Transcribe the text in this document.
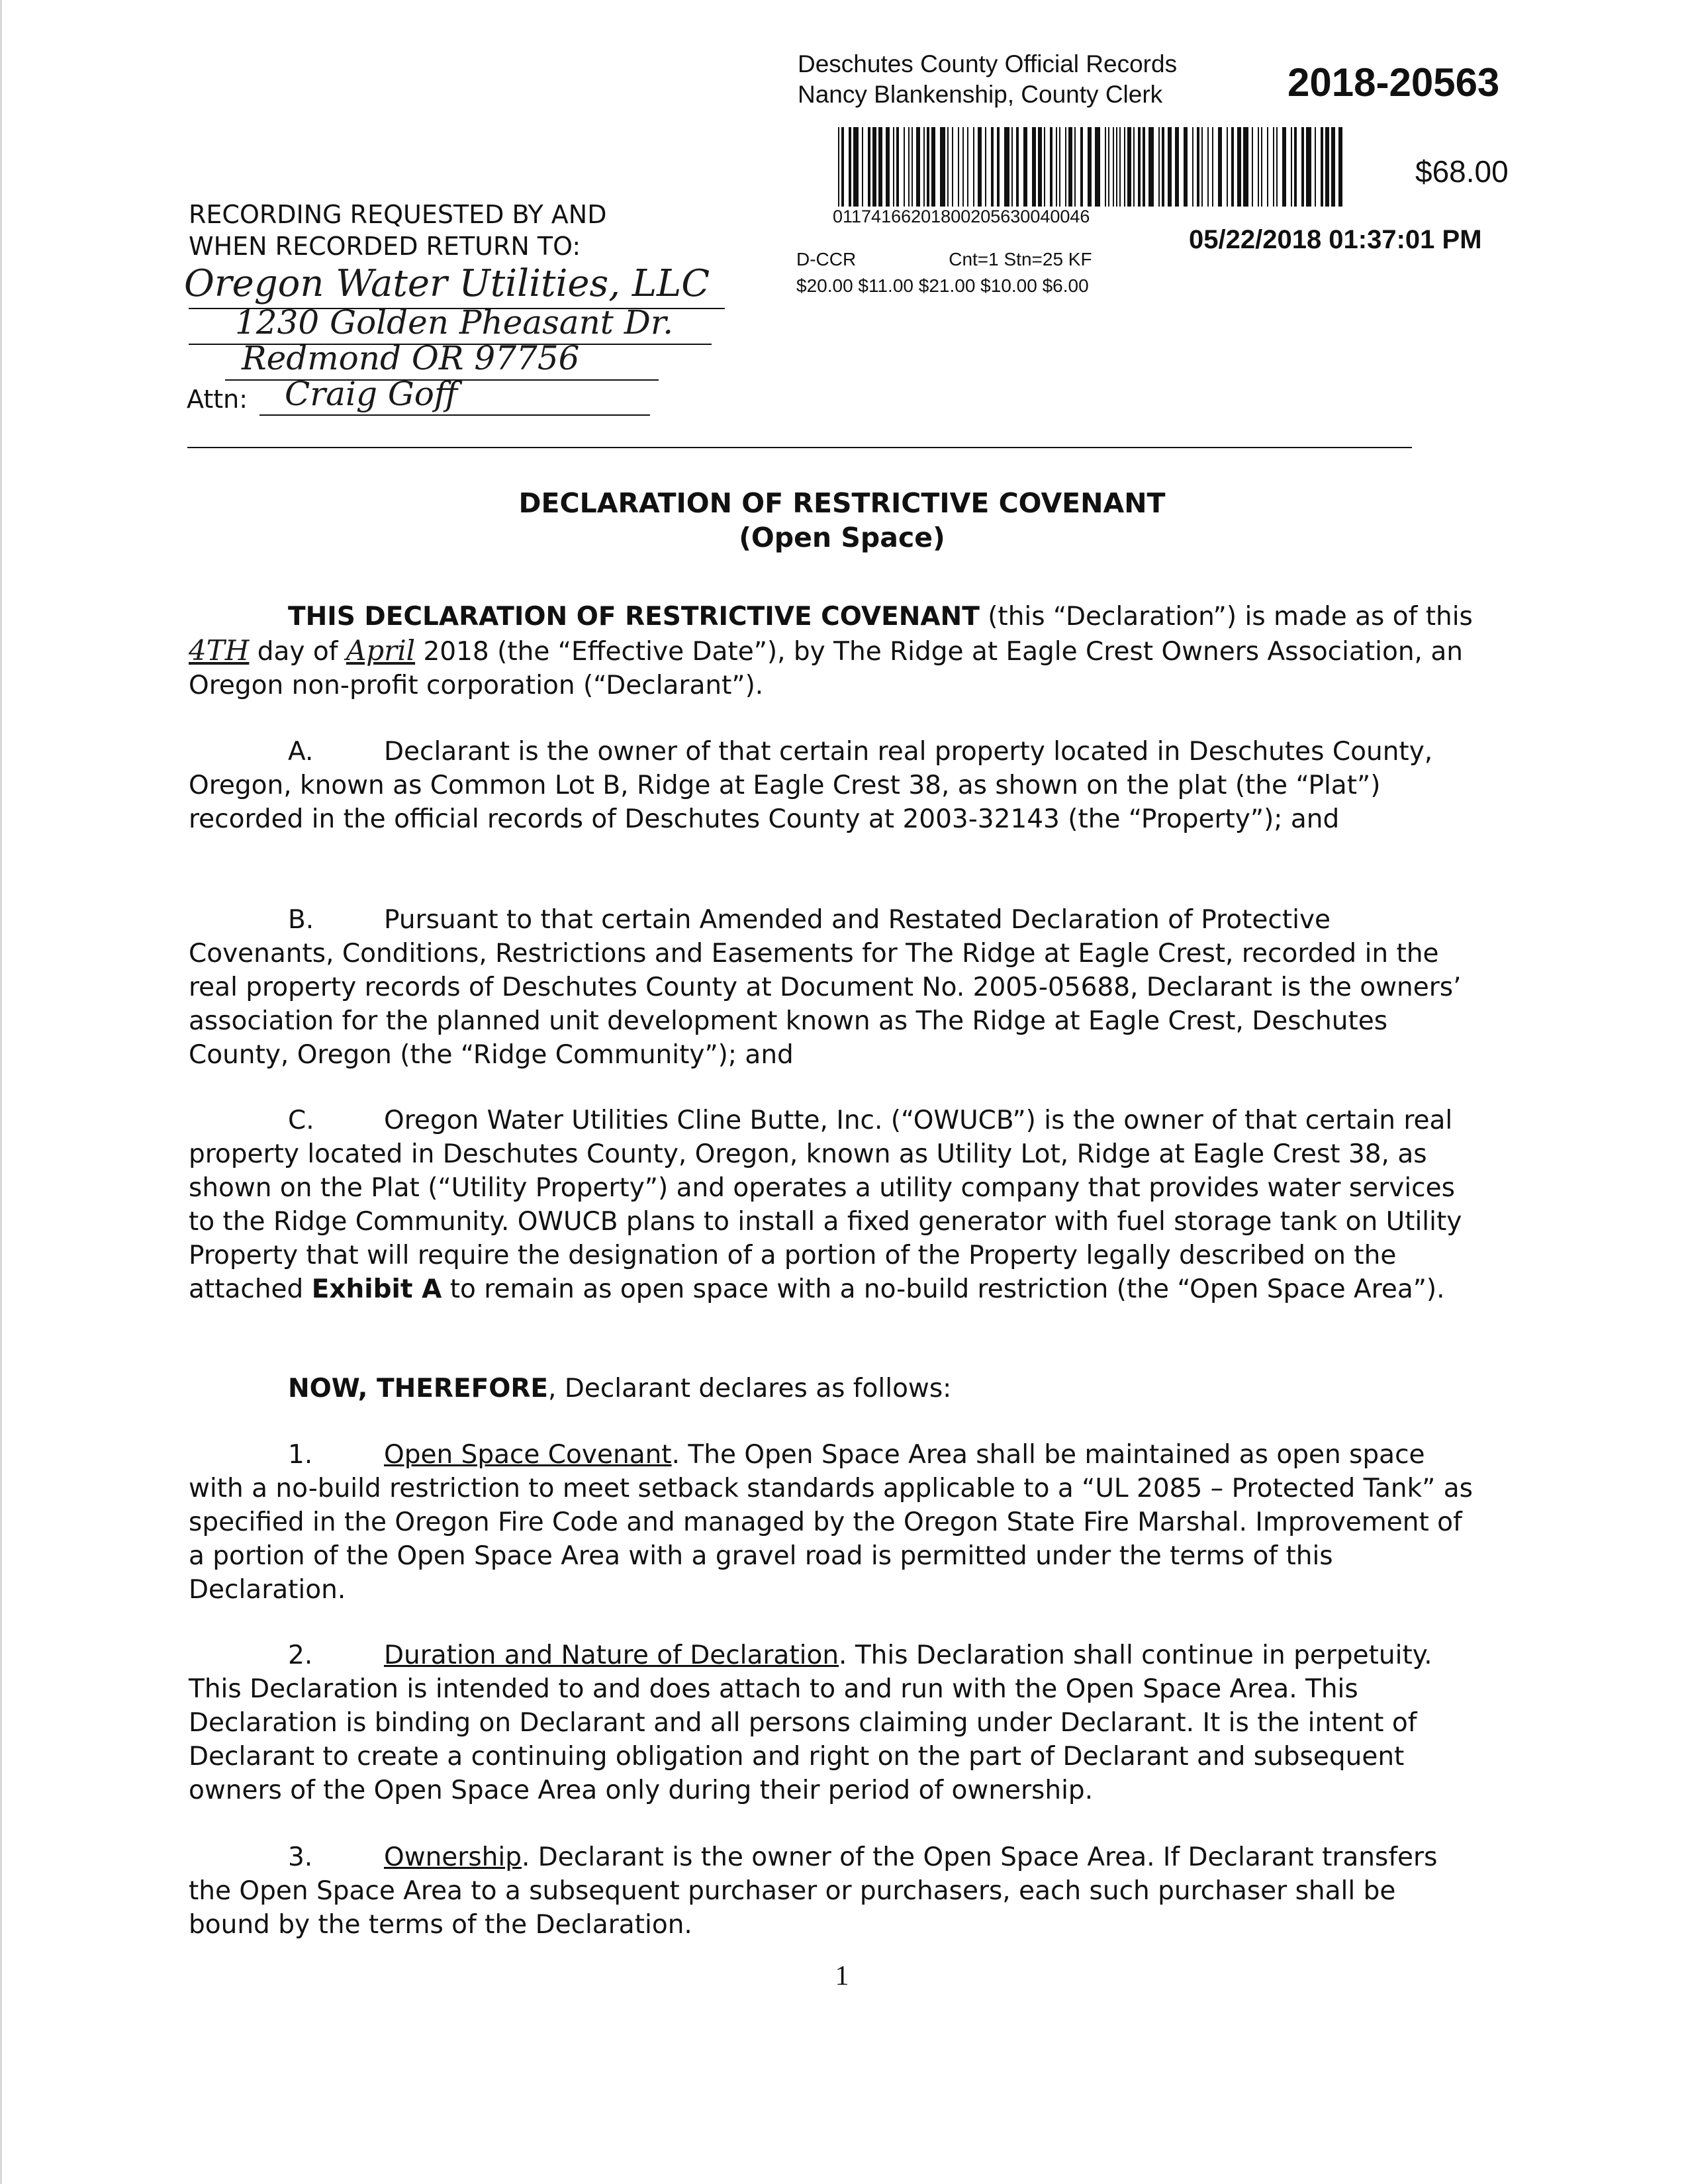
Deschutes County Official Records
Nancy Blankenship, County Clerk	2018-20563
$68.00
01174166201800205630040046
05/22/2018 01:37:01 PM
D-CCR	Cnt=1 Stn=25 KF
$20.00 $11.00 $21.00 $10.00 $6.00
RECORDING REQUESTED BY AND
WHEN RECORDED RETURN TO:
Oregon Water Utilities, LLC
1230 Golden Pheasant Dr.
Redmond OR 97756
Attn: Craig Goff
DECLARATION OF RESTRICTIVE COVENANT
(Open Space)
THIS DECLARATION OF RESTRICTIVE COVENANT (this “Declaration”) is made as of this 4TH day of April 2018 (the “Effective Date”), by The Ridge at Eagle Crest Owners Association, an Oregon non-profit corporation (“Declarant”).
A.	Declarant is the owner of that certain real property located in Deschutes County, Oregon, known as Common Lot B, Ridge at Eagle Crest 38, as shown on the plat (the “Plat”) recorded in the official records of Deschutes County at 2003-32143 (the “Property”); and
B.	Pursuant to that certain Amended and Restated Declaration of Protective Covenants, Conditions, Restrictions and Easements for The Ridge at Eagle Crest, recorded in the real property records of Deschutes County at Document No. 2005-05688, Declarant is the owners’ association for the planned unit development known as The Ridge at Eagle Crest, Deschutes County, Oregon (the “Ridge Community”); and
C.	Oregon Water Utilities Cline Butte, Inc. (“OWUCB”) is the owner of that certain real property located in Deschutes County, Oregon, known as Utility Lot, Ridge at Eagle Crest 38, as shown on the Plat (“Utility Property”) and operates a utility company that provides water services to the Ridge Community. OWUCB plans to install a fixed generator with fuel storage tank on Utility Property that will require the designation of a portion of the Property legally described on the attached Exhibit A to remain as open space with a no-build restriction (the “Open Space Area”).
NOW, THEREFORE, Declarant declares as follows:
1.	Open Space Covenant. The Open Space Area shall be maintained as open space with a no-build restriction to meet setback standards applicable to a “UL 2085 – Protected Tank” as specified in the Oregon Fire Code and managed by the Oregon State Fire Marshal. Improvement of a portion of the Open Space Area with a gravel road is permitted under the terms of this Declaration.
2.	Duration and Nature of Declaration. This Declaration shall continue in perpetuity. This Declaration is intended to and does attach to and run with the Open Space Area. This Declaration is binding on Declarant and all persons claiming under Declarant. It is the intent of Declarant to create a continuing obligation and right on the part of Declarant and subsequent owners of the Open Space Area only during their period of ownership.
3.	Ownership. Declarant is the owner of the Open Space Area. If Declarant transfers the Open Space Area to a subsequent purchaser or purchasers, each such purchaser shall be bound by the terms of the Declaration.
1
